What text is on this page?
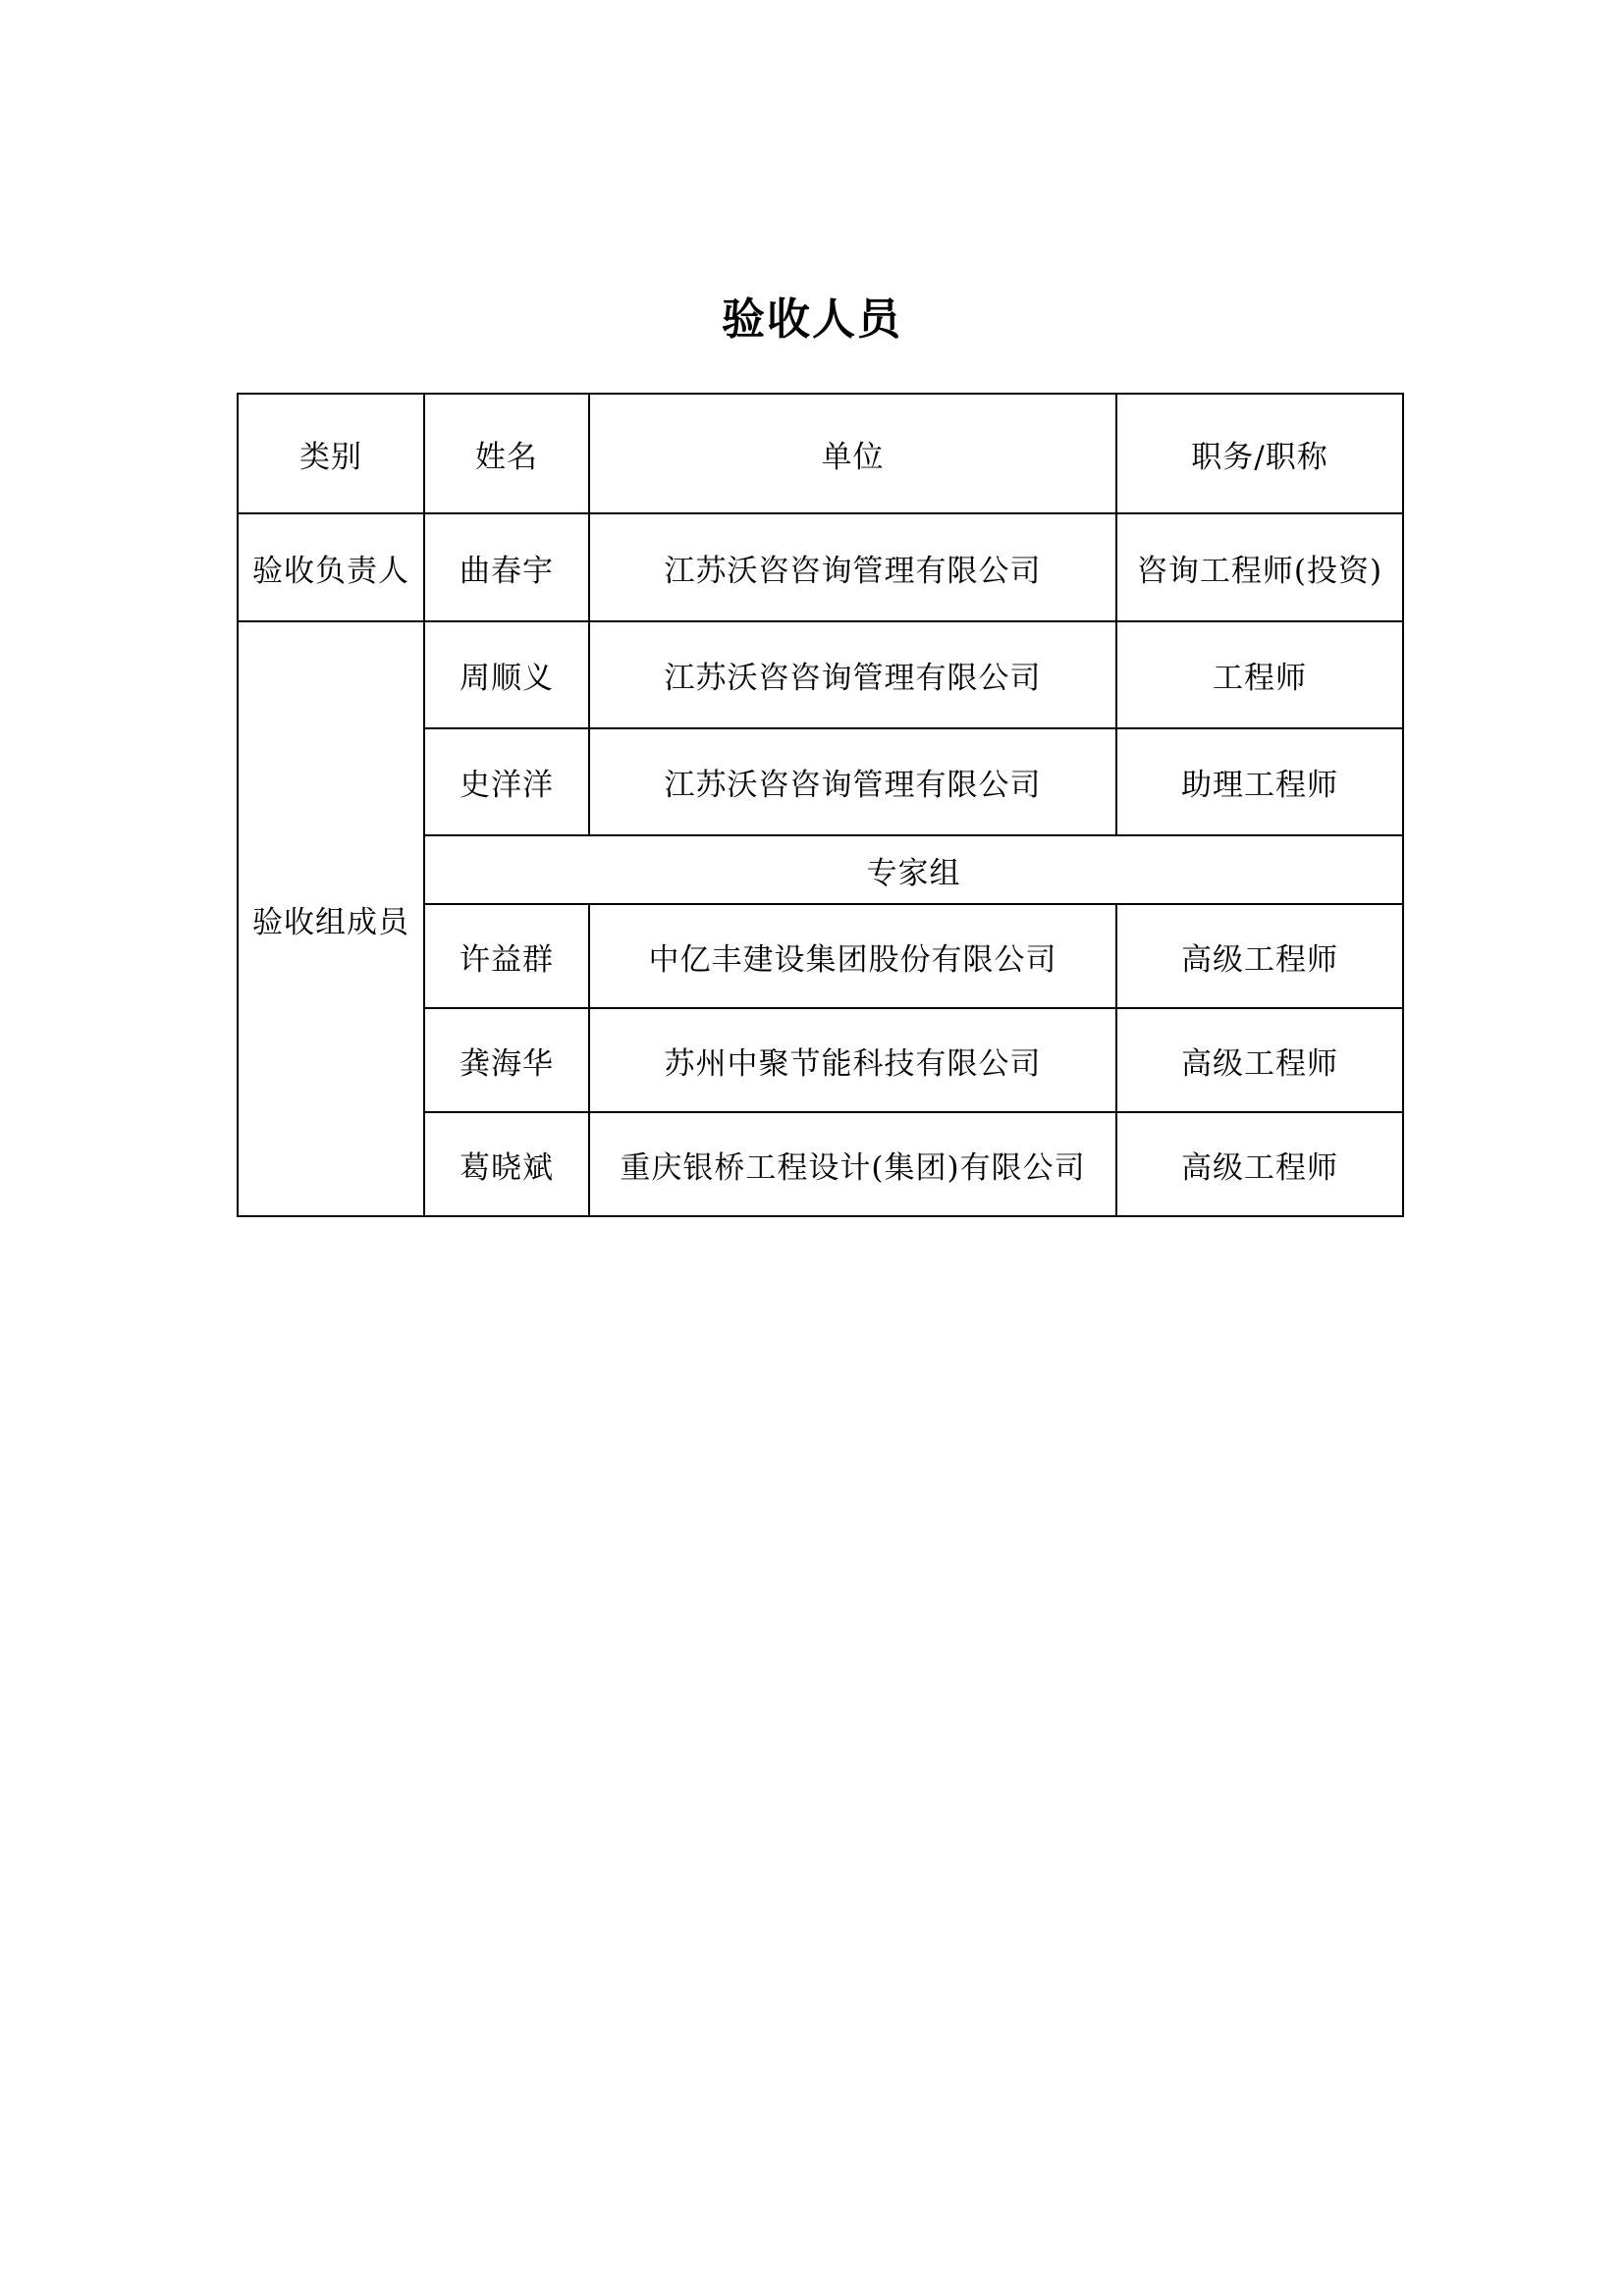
验收人员
类别	姓名	单位	职务/职称
验收负责人	曲春宇	江苏沃咨咨询管理有限公司	咨询工程师(投资)
验收组成员	周顺义	江苏沃咨咨询管理有限公司	工程师
	史洋洋	江苏沃咨咨询管理有限公司	助理工程师
	专家组		
	许益群	中亿丰建设集团股份有限公司	高级工程师
	龚海华	苏州中聚节能科技有限公司	高级工程师
	葛晓斌	重庆银桥工程设计(集团)有限公司	高级工程师
